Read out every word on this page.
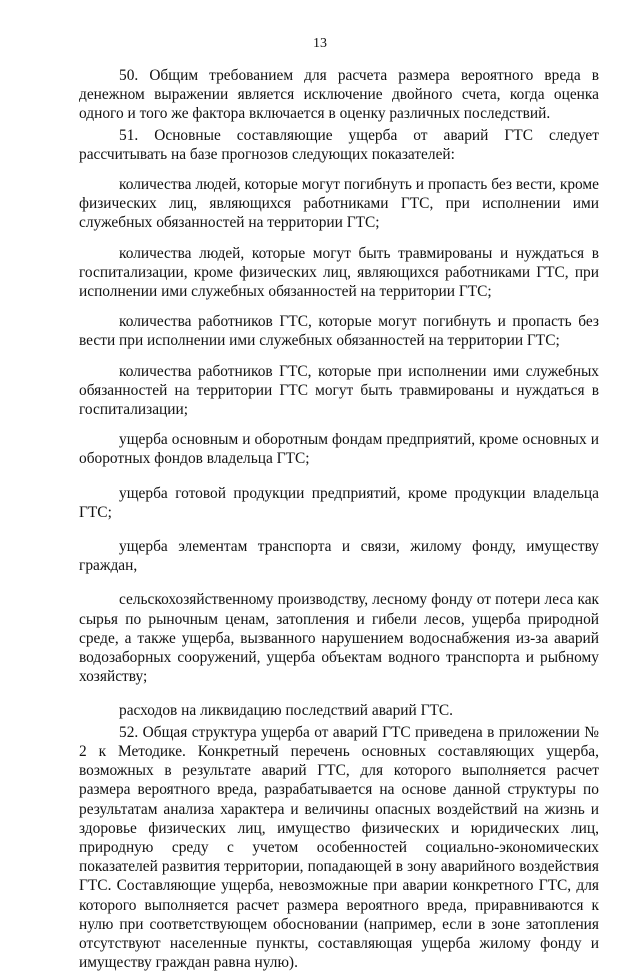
13

50. Общим требованием для расчета размера вероятного вреда в денежном выражении является исключение двойного счета, когда оценка одного и того же фактора включается в оценку различных последствий.

51. Основные составляющие ущерба от аварий ГТС следует рассчитывать на базе прогнозов следующих показателей:

количества людей, которые могут погибнуть и пропасть без вести, кроме физических лиц, являющихся работниками ГТС, при исполнении ими служебных обязанностей на территории ГТС;

количества людей, которые могут быть травмированы и нуждаться в госпитализации, кроме физических лиц, являющихся работниками ГТС, при исполнении ими служебных обязанностей на территории ГТС;

количества работников ГТС, которые могут погибнуть и пропасть без вести при исполнении ими служебных обязанностей на территории ГТС;

количества работников ГТС, которые при исполнении ими служебных обязанностей на территории ГТС могут быть травмированы и нуждаться в госпитализации;

ущерба основным и оборотным фондам предприятий, кроме основных и оборотных фондов владельца ГТС;

ущерба готовой продукции предприятий, кроме продукции владельца ГТС;

ущерба элементам транспорта и связи, жилому фонду, имуществу граждан,

сельскохозяйственному производству, лесному фонду от потери леса как сырья по рыночным ценам, затопления и гибели лесов, ущерба природной среде, а также ущерба, вызванного нарушением водоснабжения из-за аварий водозаборных сооружений, ущерба объектам водного транспорта и рыбному хозяйству;

расходов на ликвидацию последствий аварий ГТС.

52. Общая структура ущерба от аварий ГТС приведена в приложении № 2 к Методике. Конкретный перечень основных составляющих ущерба, возможных в результате аварий ГТС, для которого выполняется расчет размера вероятного вреда, разрабатывается на основе данной структуры по результатам анализа характера и величины опасных воздействий на жизнь и здоровье физических лиц, имущество физических и юридических лиц, природную среду с учетом особенностей социально-экономических показателей развития территории, попадающей в зону аварийного воздействия ГТС. Составляющие ущерба, невозможные при аварии конкретного ГТС, для которого выполняется расчет размера вероятного вреда, приравниваются к нулю при соответствующем обосновании (например, если в зоне затопления отсутствуют населенные пункты, составляющая ущерба жилому фонду и имуществу граждан равна нулю).
